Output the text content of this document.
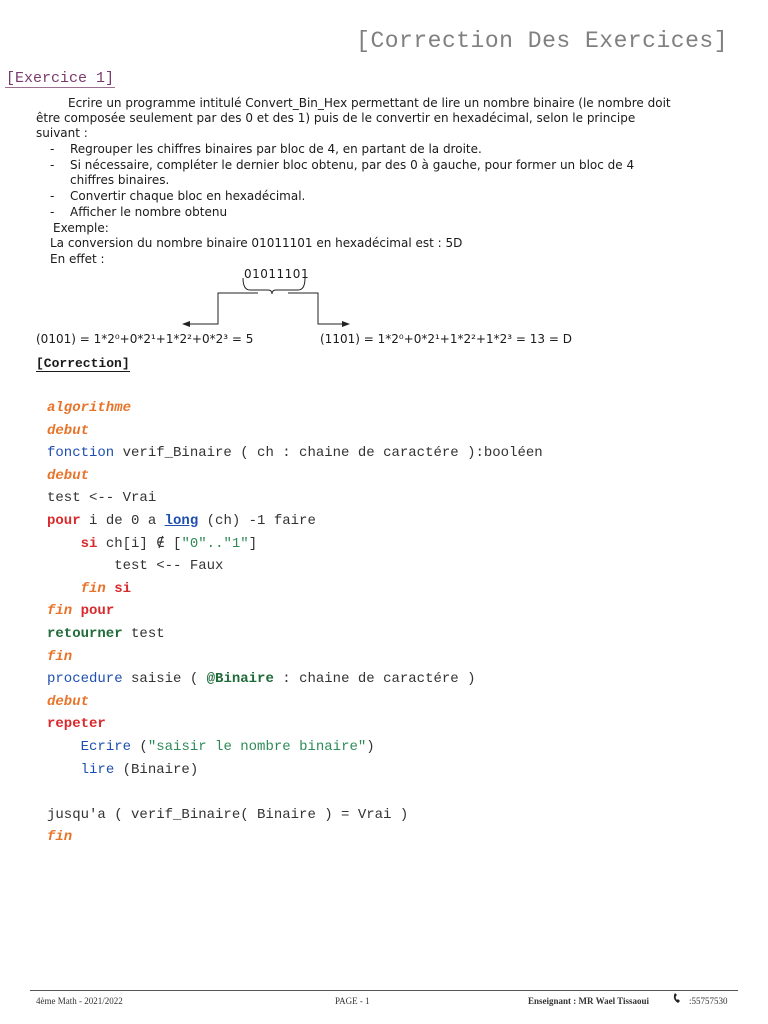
[Correction Des Exercices]
[Exercice 1]
Ecrire un programme intitulé Convert_Bin_Hex permettant de lire un nombre binaire (le nombre doit
être composée seulement par des 0 et des 1) puis de le convertir en hexadécimal, selon le principe
suivant :
- Regrouper les chiffres binaires par bloc de 4, en partant de la droite.
- Si nécessaire, compléter le dernier bloc obtenu, par des 0 à gauche, pour former un bloc de 4
chiffres binaires.
- Convertir chaque bloc en hexadécimal.
- Afficher le nombre obtenu
Exemple:
La conversion du nombre binaire 01011101 en hexadécimal est : 5D
En effet :
01011101
(0101) = 1*2⁰+0*2¹+1*2²+0*2³ = 5	(1101) = 1*2⁰+0*2¹+1*2²+1*2³ = 13 = D
[Correction]
algorithme
debut
fonction verif_Binaire ( ch : chaine de caractére ):booléen
debut
test <-- Vrai
pour i de 0 a long (ch) -1 faire
si ch[i] ∉ ["0".."1"]
test <-- Faux
fin si
fin pour
retourner test
fin
procedure saisie ( @Binaire : chaine de caractére )
debut
repeter
Ecrire ("saisir le nombre binaire")
lire (Binaire)
jusqu'a ( verif_Binaire( Binaire ) = Vrai )
fin
4ème Math - 2021/2022	PAGE - 1	Enseignant : MR Wael Tissaoui	:55757530
